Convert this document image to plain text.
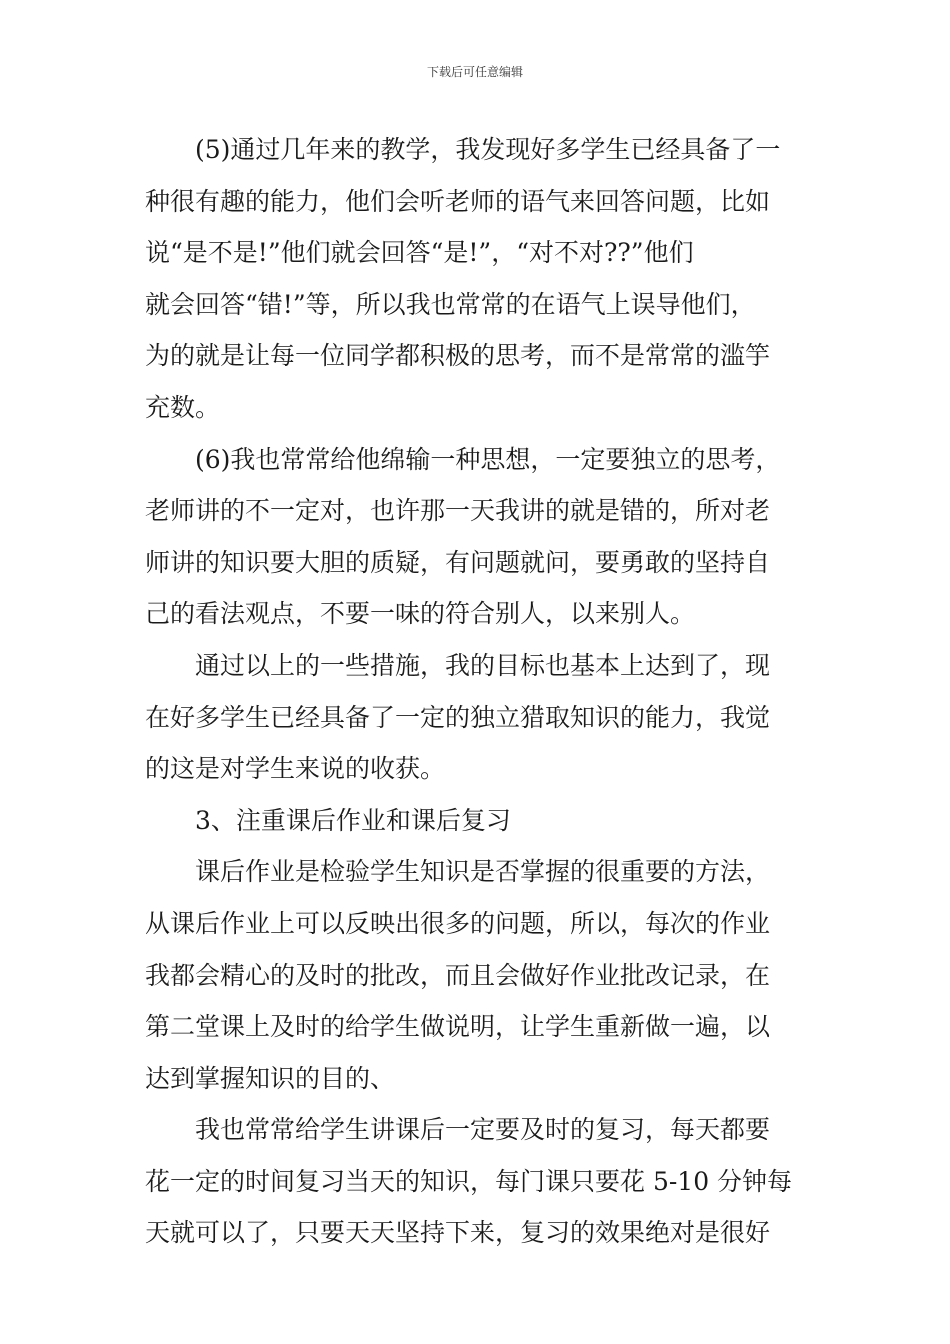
下载后可任意编辑
(5)通过几年来的教学，我发现好多学生已经具备了一
种很有趣的能力，他们会听老师的语气来回答问题，比如
说“是不是!”他们就会回答“是!”，“对不对??”他们
就会回答“错!”等，所以我也常常的在语气上误导他们，
为的就是让每一位同学都积极的思考，而不是常常的滥竽
充数。
(6)我也常常给他绵输一种思想，一定要独立的思考，
老师讲的不一定对，也许那一天我讲的就是错的，所对老
师讲的知识要大胆的质疑，有问题就问，要勇敢的坚持自
己的看法观点，不要一味的符合别人，以来别人。
通过以上的一些措施，我的目标也基本上达到了，现
在好多学生已经具备了一定的独立猎取知识的能力，我觉
的这是对学生来说的收获。
3、注重课后作业和课后复习
课后作业是检验学生知识是否掌握的很重要的方法，
从课后作业上可以反映出很多的问题，所以，每次的作业
我都会精心的及时的批改，而且会做好作业批改记录，在
第二堂课上及时的给学生做说明，让学生重新做一遍，以
达到掌握知识的目的、
我也常常给学生讲课后一定要及时的复习，每天都要
花一定的时间复习当天的知识，每门课只要花 5-10 分钟每
天就可以了，只要天天坚持下来，复习的效果绝对是很好
